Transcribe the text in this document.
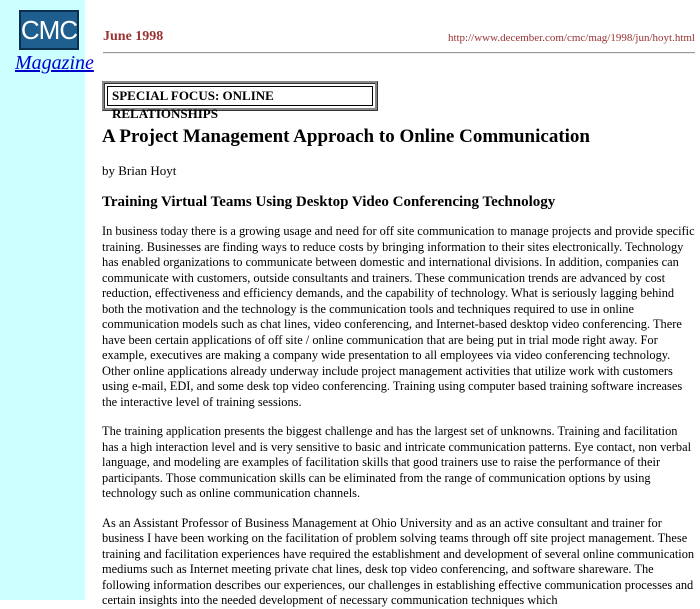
CMC
Magazine
June 1998	http://www.december.com/cmc/mag/1998/jun/hoyt.html
SPECIAL FOCUS: ONLINE RELATIONSHIPS
A Project Management Approach to Online Communication
by Brian Hoyt
Training Virtual Teams Using Desktop Video Conferencing Technology

In business today there is a growing usage and need for off site communication to manage projects and provide specific training. Businesses are finding ways to reduce costs by bringing information to their sites electronically. Technology has enabled organizations to communicate between domestic and international divisions. In addition, companies can communicate with customers, outside consultants and trainers. These communication trends are advanced by cost reduction, effectiveness and efficiency demands, and the capability of technology. What is seriously lagging behind both the motivation and the technology is the communication tools and techniques required to use in online communication models such as chat lines, video conferencing, and Internet-based desktop video conferencing. There have been certain applications of off site / online communication that are being put in trial mode right away. For example, executives are making a company wide presentation to all employees via video conferencing technology. Other online applications already underway include project management activities that utilize work with customers using e-mail, EDI, and some desk top video conferencing. Training using computer based training software increases the interactive level of training sessions.

The training application presents the biggest challenge and has the largest set of unknowns. Training and facilitation has a high interaction level and is very sensitive to basic and intricate communication patterns. Eye contact, non verbal language, and modeling are examples of facilitation skills that good trainers use to raise the performance of their participants. Those communication skills can be eliminated from the range of communication options by using technology such as online communication channels.

As an Assistant Professor of Business Management at Ohio University and as an active consultant and trainer for business I have been working on the facilitation of problem solving teams through off site project management. These training and facilitation experiences have required the establishment and development of several online communication mediums such as Internet meeting private chat lines, desk top video conferencing, and software shareware. The following information describes our experiences, our challenges in establishing effective communication processes and certain insights into the needed development of necessary communication techniques which
